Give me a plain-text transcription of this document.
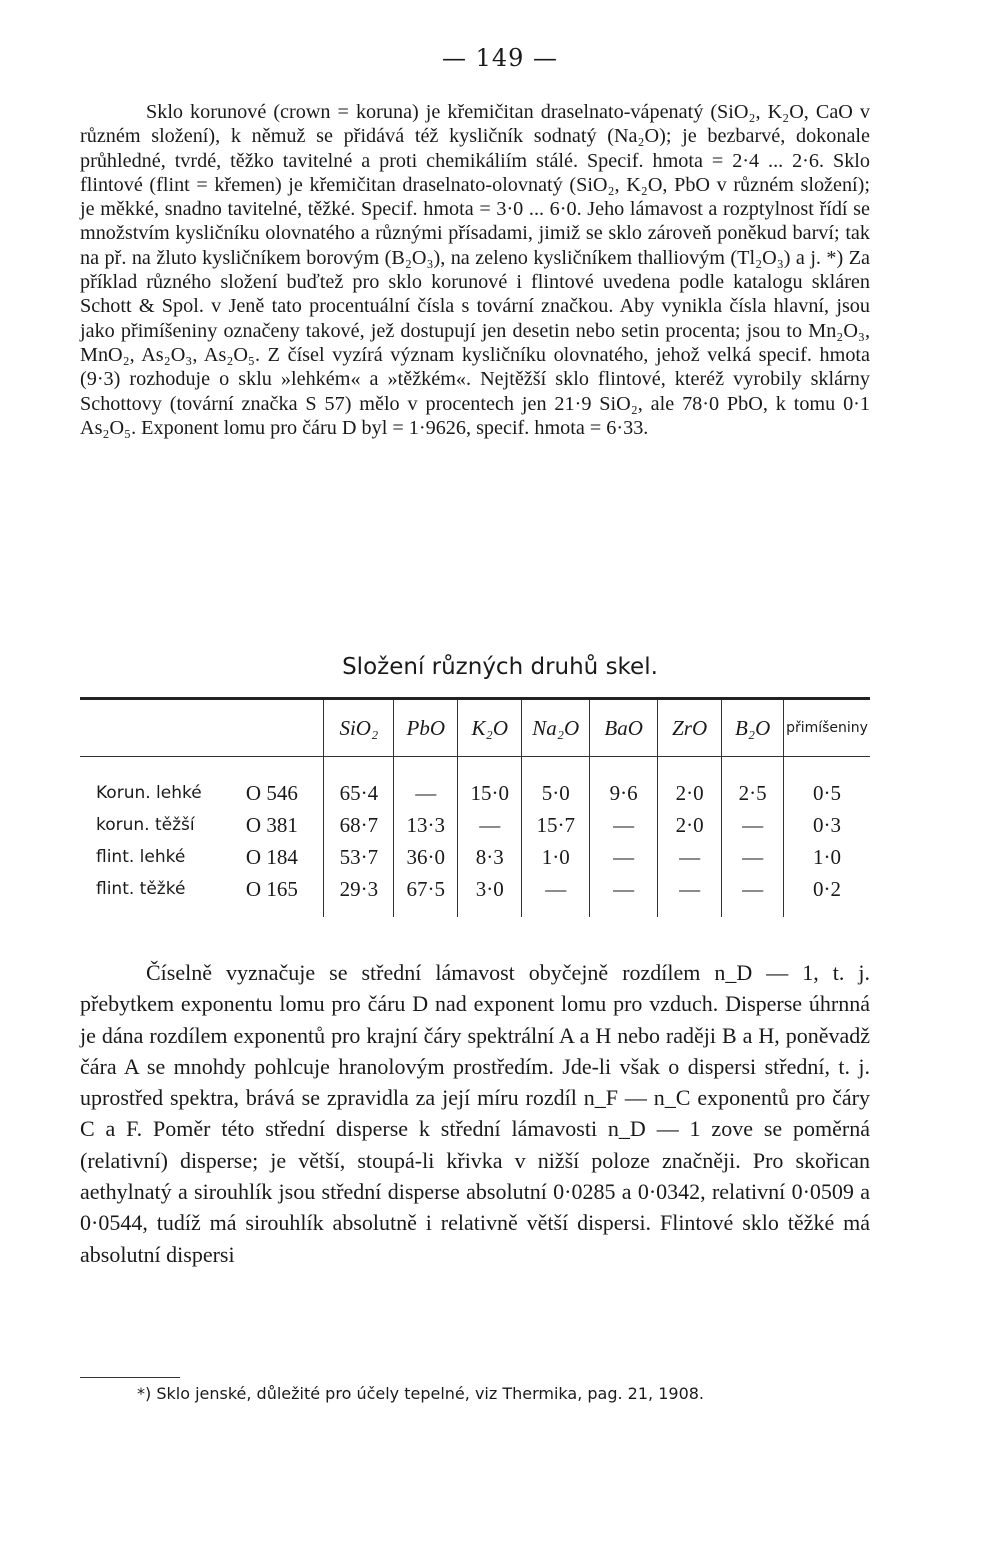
— 149 —

Sklo korunové (crown = koruna) je křemičitan draselnato-vápenatý (SiO₂, K₂O, CaO v různém složení), k němuž se přidává též kysličník sodnatý (Na₂O); je bezbarvé, dokonale průhledné, tvrdé, těžko tavitelné a proti chemikáliím stálé. Specif. hmota = 2·4 ... 2·6. Sklo flintové (flint = křemen) je křemičitan draselnato-olovnatý (SiO₂, K₂O, PbO v různém složení); je měkké, snadno tavitelné, těžké. Specif. hmota = 3·0 ... 6·0. Jeho lámavost a rozptylnost řídí se množstvím kysličníku olovnatého a různými přísadami, jimiž se sklo zároveň poněkud barví; tak na př. na žluto kysličníkem borovým (B₂O₃), na zeleno kysličníkem thalliovým (Tl₂O₃) a j. *) Za příklad různého složení buďtež pro sklo korunové i flintové uvedena podle katalogu skláren Schott & Spol. v Jeně tato procentuální čísla s tovární značkou. Aby vynikla čísla hlavní, jsou jako přimíšeniny označeny takové, jež dostupují jen desetin nebo setin procenta; jsou to Mn₂O₃, MnO₂, As₂O₃, As₂O₅. Z čísel vyzírá význam kysličníku olovnatého, jehož velká specif. hmota (9·3) rozhoduje o sklu »lehkém« a »těžkém«. Nejtěžší sklo flintové, kteréž vyrobily sklárny Schottovy (tovární značka S 57) mělo v procentech jen 21·9 SiO₂, ale 78·0 PbO, k tomu 0·1 As₂O₅. Exponent lomu pro čáru D byl = 1·9626, specif. hmota = 6·33.

Složení různých druhů skel.
		SiO₂	PbO	K₂O	Na₂O	BaO	ZrO	B₂O	přimíšeniny

Korun. lehké	O 546	65·4	—	15·0	5·0	9·6	2·0	2·5	0·5
korun. těžší	O 381	68·7	13·3	—	15·7	—	2·0	—	0·3
flint. lehké	O 184	53·7	36·0	8·3	1·0	—	—	—	1·0
flint. těžké	O 165	29·3	67·5	3·0	—	—	—	—	0·2

Číselně vyznačuje se střední lámavost obyčejně rozdílem n_D — 1, t. j. přebytkem exponentu lomu pro čáru D nad exponent lomu pro vzduch. Disperse úhrnná je dána rozdílem exponentů pro krajní čáry spektrální A a H nebo raději B a H, poněvadž čára A se mnohdy pohlcuje hranolovým prostředím. Jde-li však o dispersi střední, t. j. uprostřed spektra, brává se zpravidla za její míru rozdíl n_F — n_C exponentů pro čáry C a F. Poměr této střední disperse k střední lámavosti n_D — 1 zove se poměrná (relativní) disperse; je větší, stoupá-li křivka v nižší poloze značněji. Pro skořican aethylnatý a sirouhlík jsou střední disperse absolutní 0·0285 a 0·0342, relativní 0·0509 a 0·0544, tudíž má sirouhlík absolutně i relativně větší dispersi. Flintové sklo těžké má absolutní dispersi

*) Sklo jenské, důležité pro účely tepelné, viz Thermika, pag. 21, 1908.
